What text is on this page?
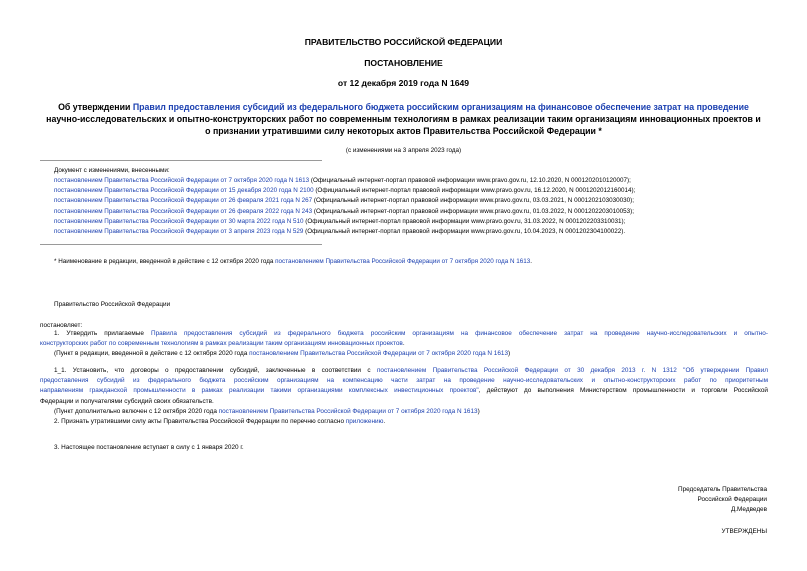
ПРАВИТЕЛЬСТВО РОССИЙСКОЙ ФЕДЕРАЦИИ
ПОСТАНОВЛЕНИЕ
от 12 декабря 2019 года N 1649
Об утверждении Правил предоставления субсидий из федерального бюджета российским организациям на финансовое обеспечение затрат на проведение
научно-исследовательских и опытно-конструкторских работ по современным технологиям в рамках реализации таким организациям инновационных проектов и
о признании утратившими силу некоторых актов Правительства Российской Федерации *
(с изменениями на 3 апреля 2023 года)
Документ с изменениями, внесенными:
постановлением Правительства Российской Федерации от 7 октября 2020 года N 1613 (Официальный интернет-портал правовой информации www.pravo.gov.ru, 12.10.2020, N 0001202010120007);
постановлением Правительства Российской Федерации от 15 декабря 2020 года N 2100 (Официальный интернет-портал правовой информации www.pravo.gov.ru, 16.12.2020, N 0001202012160014);
постановлением Правительства Российской Федерации от 26 февраля 2021 года N 267 (Официальный интернет-портал правовой информации www.pravo.gov.ru, 03.03.2021, N 0001202103030030);
постановлением Правительства Российской Федерации от 26 февраля 2022 года N 243 (Официальный интернет-портал правовой информации www.pravo.gov.ru, 01.03.2022, N 0001202203010053);
постановлением Правительства Российской Федерации от 30 марта 2022 года N 510 (Официальный интернет-портал правовой информации www.pravo.gov.ru, 31.03.2022, N 0001202203310031);
постановлением Правительства Российской Федерации от 3 апреля 2023 года N 529 (Официальный интернет-портал правовой информации www.pravo.gov.ru, 10.04.2023, N 0001202304100022).
* Наименование в редакции, введенной в действие с 12 октября 2020 года постановлением Правительства Российской Федерации от 7 октября 2020 года N 1613.
Правительство Российской Федерации
постановляет:
1. Утвердить прилагаемые Правила предоставления субсидий из федерального бюджета российским организациям на финансовое обеспечение затрат на проведение научно-исследовательских и опытно-
конструкторских работ по современным технологиям в рамках реализации таким организациям инновационных проектов.
(Пункт в редакции, введенной в действие с 12 октября 2020 года постановлением Правительства Российской Федерации от 7 октября 2020 года N 1613)
1_1. Установить, что договоры о предоставлении субсидий, заключенные в соответствии с постановлением Правительства Российской Федерации от 30 декабря 2013 г. N 1312 "Об утверждении Правил
предоставления субсидий из федерального бюджета российским организациям на компенсацию части затрат на проведение научно-исследовательских и опытно-конструкторских работ по приоритетным
направлениям гражданской промышленности в рамках реализации такими организациями комплексных инвестиционных проектов", действуют до выполнения Министерством промышленности и торговли Российской
Федерации и получателями субсидий своих обязательств.
(Пункт дополнительно включен с 12 октября 2020 года постановлением Правительства Российской Федерации от 7 октября 2020 года N 1613)
2. Признать утратившими силу акты Правительства Российской Федерации по перечню согласно приложению.
3. Настоящее постановление вступает в силу с 1 января 2020 г.
Председатель Правительства
Российской Федерации
Д.Медведев
УТВЕРЖДЕНЫ
